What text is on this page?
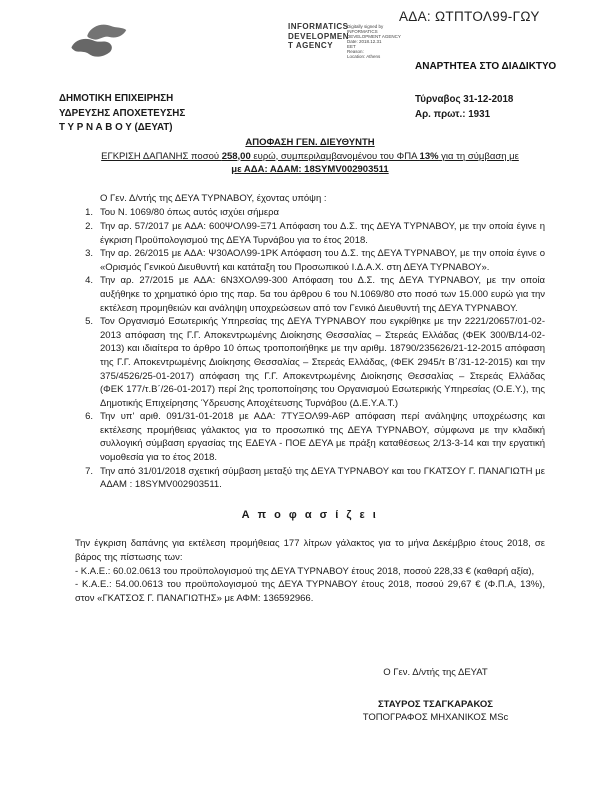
ΑΔΑ: ΩΤΠΤΟΛ99-ΓΩΥ
INFORMATICS
DEVELOPMEN
T AGENCY
Digitally signed by
INFORMATICS
DEVELOPMENT AGENCY
Date: 2018.12.31
EET
Reason:
Location: Athens
ΑΝΑΡΤΗΤΕΑ ΣΤΟ ΔΙΑΔΙΚΤΥΟ
ΔΗΜΟΤΙΚΗ ΕΠΙΧΕΙΡΗΣΗ
ΥΔΡΕΥΣΗΣ ΑΠΟΧΕΤΕΥΣΗΣ
Τ Υ Ρ Ν Α Β Ο Υ (ΔΕΥΑΤ)
Τύρναβος 31-12-2018
Αρ. πρωτ.: 1931
ΑΠΟΦΑΣΗ ΓΕΝ. ΔΙΕΥΘΥΝΤΗ
ΕΓΚΡΙΣΗ ΔΑΠΑΝΗΣ ποσού 258,00 ευρώ, συμπεριλαμβανομένου του ΦΠΑ 13% για τη σύμβαση με
με ΑΔΑ: ΑΔΑΜ: 18SYMV002903511
Ο Γεν. Δ/ντής της ΔΕΥΑ ΤΥΡΝΑΒΟΥ, έχοντας υπόψη :
1. Του Ν. 1069/80 όπως αυτός ισχύει σήμερα
2. Την αρ. 57/2017 με ΑΔΑ: 600ΨΟΛ99-Ξ71 Απόφαση του Δ.Σ. της ΔΕΥΑ ΤΥΡΝΑΒΟΥ, με την οποία έγινε η έγκριση Προϋπολογισμού της ΔΕΥΑ Τυρνάβου για το έτος 2018.
3. Την αρ. 26/2015 με ΑΔΑ: Ψ30ΑΟΛ99-1ΡΚ Απόφαση του Δ.Σ. της ΔΕΥΑ ΤΥΡΝΑΒΟΥ, με την οποία έγινε ο «Ορισμός Γενικού Διευθυντή και κατάταξη του Προσωπικού Ι.Δ.Α.Χ. στη ΔΕΥΑ ΤΥΡΝΑΒΟΥ».
4. Την αρ. 27/2015 με ΑΔΑ: 6Ν3ΧΟΛ99-300 Απόφαση του Δ.Σ. της ΔΕΥΑ ΤΥΡΝΑΒΟΥ, με την οποία αυξήθηκε το χρηματικό όριο της παρ. 5α του άρθρου 6 του Ν.1069/80 στο ποσό των 15.000 ευρώ για την εκτέλεση προμηθειών και ανάληψη υποχρεώσεων από τον Γενικό Διευθυντή της ΔΕΥΑ ΤΥΡΝΑΒΟΥ.
5. Τον Οργανισμό Εσωτερικής Υπηρεσίας της ΔΕΥΑ ΤΥΡΝΑΒΟΥ που εγκρίθηκε με την 2221/20657/01-02-2013 απόφαση της Γ.Γ. Αποκεντρωμένης Διοίκησης Θεσσαλίας – Στερεάς Ελλάδας (ΦΕΚ 300/Β/14-02-2013) και ιδιαίτερα το άρθρο 10 όπως τροποποιήθηκε με την αριθμ. 18790/235626/21-12-2015 απόφαση της Γ.Γ. Αποκεντρωμένης Διοίκησης Θεσσαλίας – Στερεάς Ελλάδας, (ΦΕΚ 2945/τ Β΄/31-12-2015) και την 375/4526/25-01-2017) απόφαση της Γ.Γ. Αποκεντρωμένης Διοίκησης Θεσσαλίας – Στερεάς Ελλάδας (ΦΕΚ 177/τ.Β΄/26-01-2017) περί 2ης τροποποίησης του Οργανισμού Εσωτερικής Υπηρεσίας (Ο.Ε.Υ.), της Δημοτικής Επιχείρησης Ύδρευσης Αποχέτευσης Τυρνάβου (Δ.Ε.Υ.Α.Τ.)
6. Την υπ' αριθ. 091/31-01-2018 με ΑΔΑ: 7ΤΥΞΟΛ99-Α6Ρ απόφαση περί ανάληψης υποχρέωσης και εκτέλεσης προμήθειας γάλακτος για το προσωπικό της ΔΕΥΑ ΤΥΡΝΑΒΟΥ, σύμφωνα με την κλαδική συλλογική σύμβαση εργασίας της ΕΔΕΥΑ - ΠΟΕ ΔΕΥΑ με πράξη καταθέσεως 2/13-3-14 και την εργατική νομοθεσία για το έτος 2018.
7. Την από 31/01/2018 σχετική σύμβαση μεταξύ της ΔΕΥΑ ΤΥΡΝΑΒΟΥ και του ΓΚΑΤΣΟΥ Γ. ΠΑΝΑΓΙΩΤΗ με ΑΔΑΜ : 18SYMV002903511.
Α π ο φ α σ ί ζ ε ι
Την έγκριση δαπάνης για εκτέλεση προμήθειας 177 λίτρων γάλακτος για το μήνα Δεκέμβριο έτους 2018, σε βάρος της πίστωσης των:
- Κ.Α.Ε.: 60.02.0613 του προϋπολογισμού της ΔΕΥΑ ΤΥΡΝΑΒΟΥ έτους 2018, ποσού 228,33 € (καθαρή αξία),
- Κ.Α.Ε.: 54.00.0613 του προϋπολογισμού της ΔΕΥΑ ΤΥΡΝΑΒΟΥ έτους 2018, ποσού 29,67 € (Φ.Π.Α, 13%), στον «ΓΚΑΤΣΟΣ Γ. ΠΑΝΑΓΙΩΤΗΣ» με ΑΦΜ: 136592966.
Ο Γεν. Δ/ντής της ΔΕΥΑΤ
ΣΤΑΥΡΟΣ ΤΣΑΓΚΑΡΑΚΟΣ
ΤΟΠΟΓΡΑΦΟΣ ΜΗΧΑΝΙΚΟΣ MSc
